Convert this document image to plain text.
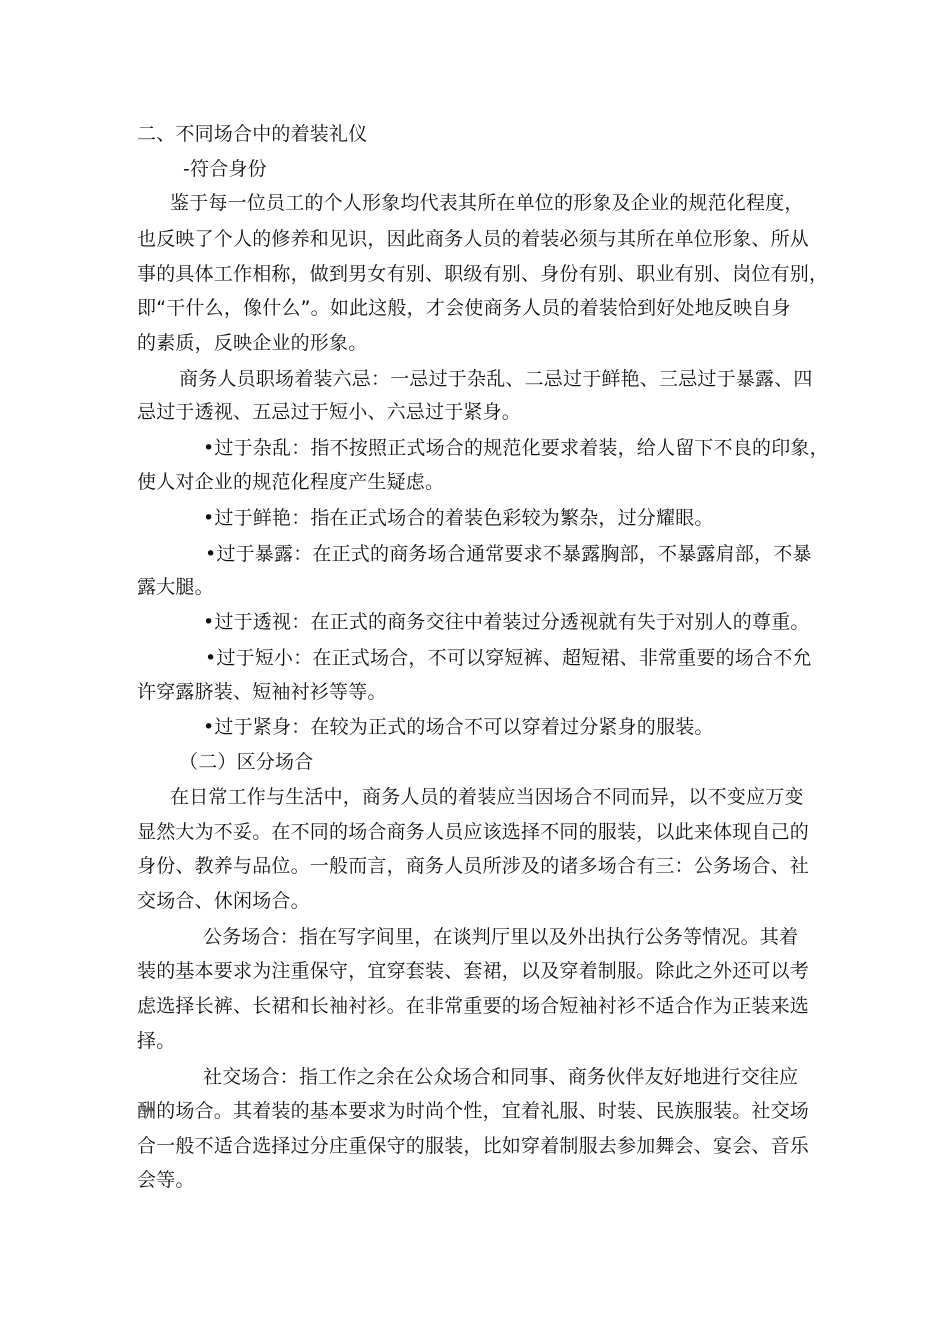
二、不同场合中的着装礼仪
-符合身份
鉴于每一位员工的个人形象均代表其所在单位的形象及企业的规范化程度，
也反映了个人的修养和见识，因此商务人员的着装必须与其所在单位形象、所从
事的具体工作相称，做到男女有别、职级有别、身份有别、职业有别、岗位有别，
即“干什么，像什么”。如此这般，才会使商务人员的着装恰到好处地反映自身
的素质，反映企业的形象。
商务人员职场着装六忌：一忌过于杂乱、二忌过于鲜艳、三忌过于暴露、四
忌过于透视、五忌过于短小、六忌过于紧身。
•过于杂乱：指不按照正式场合的规范化要求着装，给人留下不良的印象，
使人对企业的规范化程度产生疑虑。
•过于鲜艳：指在正式场合的着装色彩较为繁杂，过分耀眼。
•过于暴露：在正式的商务场合通常要求不暴露胸部，不暴露肩部，不暴
露大腿。
•过于透视：在正式的商务交往中着装过分透视就有失于对别人的尊重。
•过于短小：在正式场合，不可以穿短裤、超短裙、非常重要的场合不允
许穿露脐装、短袖衬衫等等。
•过于紧身：在较为正式的场合不可以穿着过分紧身的服装。
（二）区分场合
在日常工作与生活中，商务人员的着装应当因场合不同而异，以不变应万变
显然大为不妥。在不同的场合商务人员应该选择不同的服装，以此来体现自己的
身份、教养与品位。一般而言，商务人员所涉及的诸多场合有三：公务场合、社
交场合、休闲场合。
公务场合：指在写字间里，在谈判厅里以及外出执行公务等情况。其着
装的基本要求为注重保守，宜穿套装、套裙，以及穿着制服。除此之外还可以考
虑选择长裤、长裙和长袖衬衫。在非常重要的场合短袖衬衫不适合作为正装来选
择。
社交场合：指工作之余在公众场合和同事、商务伙伴友好地进行交往应
酬的场合。其着装的基本要求为时尚个性，宜着礼服、时装、民族服装。社交场
合一般不适合选择过分庄重保守的服装，比如穿着制服去参加舞会、宴会、音乐
会等。
